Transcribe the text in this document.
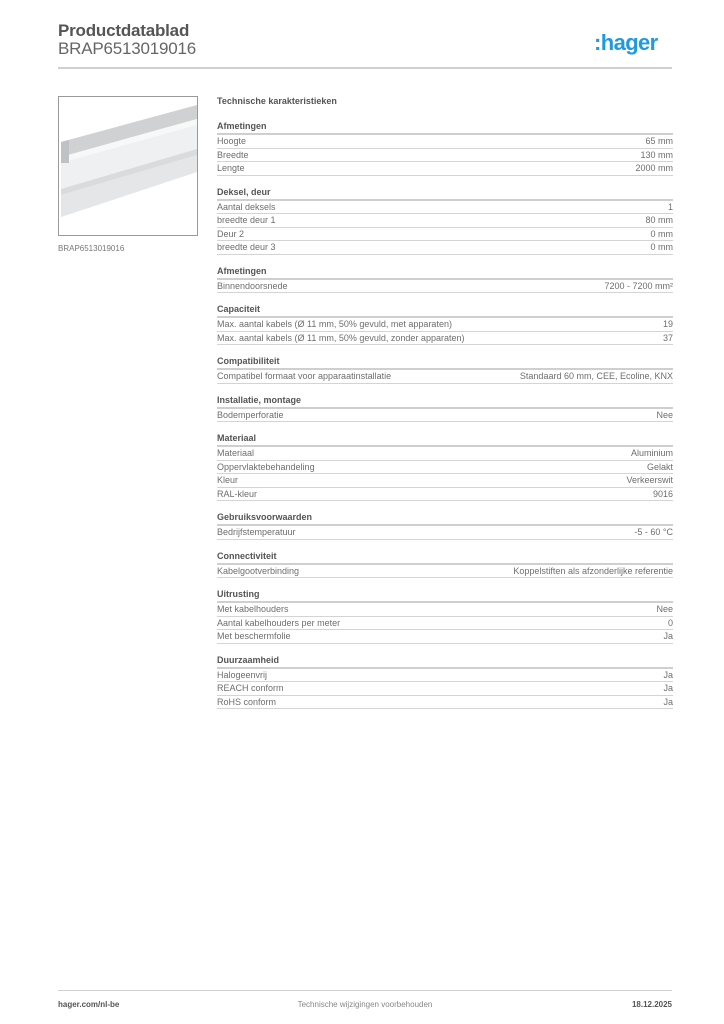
Productdatablad
BRAP6513019016	:hager
BRAP6513019016
Technische karakteristieken
Afmetingen
Hoogte	65 mm
Breedte	130 mm
Lengte	2000 mm
Deksel, deur
Aantal deksels	1
breedte deur 1	80 mm
Deur 2	0 mm
breedte deur 3	0 mm
Afmetingen
Binnendoorsnede	7200 - 7200 mm²
Capaciteit
Max. aantal kabels (Ø 11 mm, 50% gevuld, met apparaten)	19
Max. aantal kabels (Ø 11 mm, 50% gevuld, zonder apparaten)	37
Compatibiliteit
Compatibel formaat voor apparaatinstallatie	Standaard 60 mm, CEE, Ecoline, KNX
Installatie, montage
Bodemperforatie	Nee
Materiaal
Materiaal	Aluminium
Oppervlaktebehandeling	Gelakt
Kleur	Verkeerswit
RAL-kleur	9016
Gebruiksvoorwaarden
Bedrijfstemperatuur	-5 - 60 °C
Connectiviteit
Kabelgootverbinding	Koppelstiften als afzonderlijke referentie
Uitrusting
Met kabelhouders	Nee
Aantal kabelhouders per meter	0
Met beschermfolie	Ja
Duurzaamheid
Halogeenvrij	Ja
REACH conform	Ja
RoHS conform	Ja
Technische wijzigingen voorbehouden
hager.com/nl-be	18.12.2025
